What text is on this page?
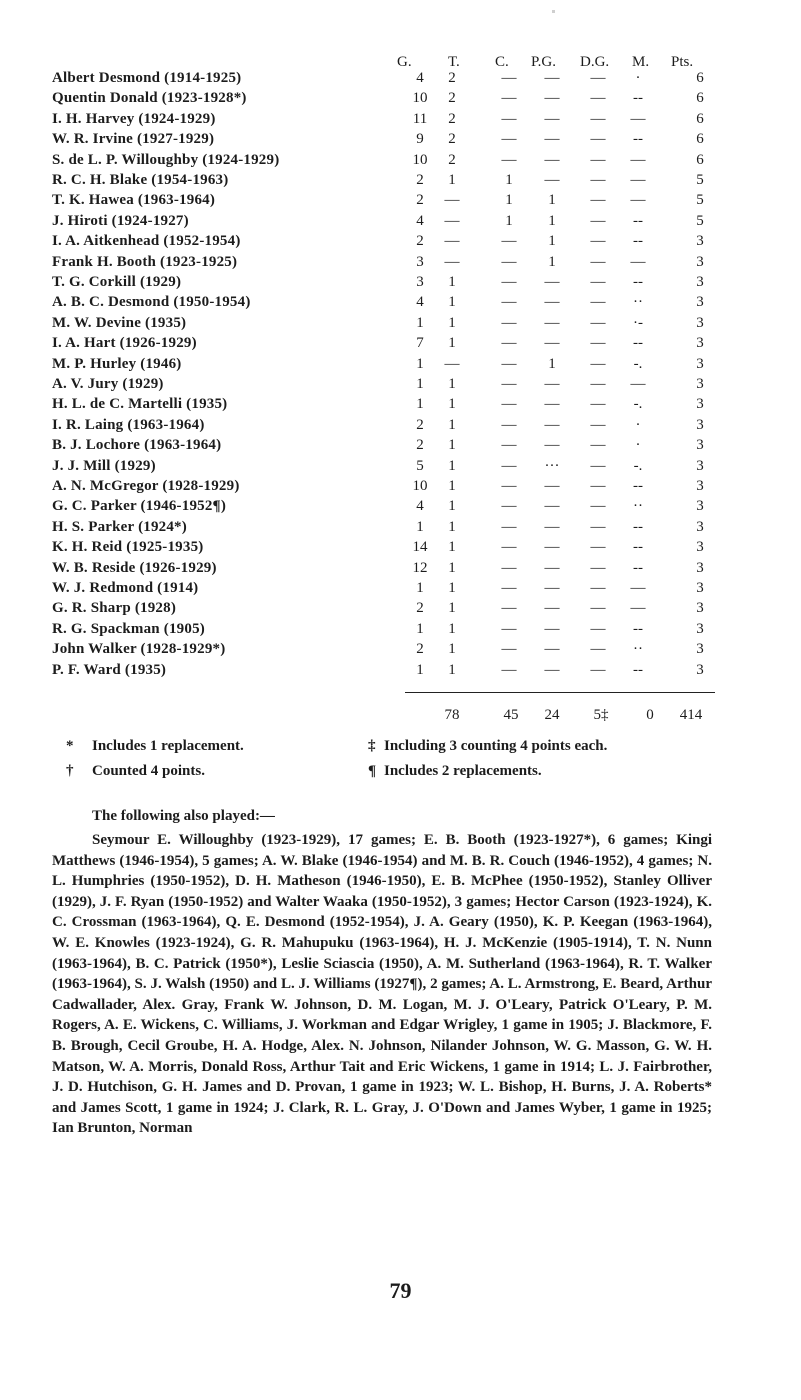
G. T. C. P.G. D.G. M. Pts.
Albert Desmond (1914-1925)	4	2	—	—	—	·	6
Quentin Donald (1923-1928*)	10	2	—	—	—	--	6
I. H. Harvey (1924-1929)	11	2	—	—	—	—	6
W. R. Irvine (1927-1929)	9	2	—	—	—	--	6
S. de L. P. Willoughby (1924-1929)	10	2	—	—	—	—	6
R. C. H. Blake (1954-1963)	2	1	1	—	—	—	5
T. K. Hawea (1963-1964)	2	—	1	1	—	—	5
J. Hiroti (1924-1927)	4	—	1	1	—	--	5
I. A. Aitkenhead (1952-1954)	2	—	—	1	—	--	3
Frank H. Booth (1923-1925)	3	—	—	1	—	—	3
T. G. Corkill (1929)	3	1	—	—	—	--	3
A. B. C. Desmond (1950-1954)	4	1	—	—	—	··	3
M. W. Devine (1935)	1	1	—	—	—	·-	3
I. A. Hart (1926-1929)	7	1	—	—	—	--	3
M. P. Hurley (1946)	1	—	—	1	—	-.	3
A. V. Jury (1929)	1	1	—	—	—	—	3
H. L. de C. Martelli (1935)	1	1	—	—	—	-.	3
I. R. Laing (1963-1964)	2	1	—	—	—	·	3
B. J. Lochore (1963-1964)	2	1	—	—	—	·	3
J. J. Mill (1929)	5	1	—	···	—	-.	3
A. N. McGregor (1928-1929)	10	1	—	—	—	--	3
G. C. Parker (1946-1952¶)	4	1	—	—	—	··	3
H. S. Parker (1924*)	1	1	—	—	—	--	3
K. H. Reid (1925-1935)	14	1	—	—	—	--	3
W. B. Reside (1926-1929)	12	1	—	—	—	--	3
W. J. Redmond (1914)	1	1	—	—	—	—	3
G. R. Sharp (1928)	2	1	—	—	—	—	3
R. G. Spackman (1905)	1	1	—	—	—	--	3
John Walker (1928-1929*)	2	1	—	—	—	··	3
P. F. Ward (1935)	1	1	—	—	—	--	3
78	45	24	5‡	0	414
* Includes 1 replacement.
† Counted 4 points.
‡ Including 3 counting 4 points each.
¶ Includes 2 replacements.
The following also played:—
Seymour E. Willoughby (1923-1929), 17 games; E. B. Booth (1923-1927*), 6 games; Kingi Matthews (1946-1954), 5 games; A. W. Blake (1946-1954) and M. B. R. Couch (1946-1952), 4 games; N. L. Humphries (1950-1952), D. H. Matheson (1946-1950), E. B. McPhee (1950-1952), Stanley Olliver (1929), J. F. Ryan (1950-1952) and Walter Waaka (1950-1952), 3 games; Hector Carson (1923-1924), K. C. Crossman (1963-1964), Q. E. Desmond (1952-1954), J. A. Geary (1950), K. P. Keegan (1963-1964), W. E. Knowles (1923-1924), G. R. Mahupuku (1963-1964), H. J. McKenzie (1905-1914), T. N. Nunn (1963-1964), B. C. Patrick (1950*), Leslie Sciascia (1950), A. M. Sutherland (1963-1964), R. T. Walker (1963-1964), S. J. Walsh (1950) and L. J. Williams (1927¶), 2 games; A. L. Armstrong, E. Beard, Arthur Cadwallader, Alex. Gray, Frank W. Johnson, D. M. Logan, M. J. O'Leary, Patrick O'Leary, P. M. Rogers, A. E. Wickens, C. Williams, J. Workman and Edgar Wrigley, 1 game in 1905; J. Blackmore, F. B. Brough, Cecil Groube, H. A. Hodge, Alex. N. Johnson, Nilander Johnson, W. G. Masson, G. W. H. Matson, W. A. Morris, Donald Ross, Arthur Tait and Eric Wickens, 1 game in 1914; L. J. Fairbrother, J. D. Hutchison, G. H. James and D. Provan, 1 game in 1923; W. L. Bishop, H. Burns, J. A. Roberts* and James Scott, 1 game in 1924; J. Clark, R. L. Gray, J. O'Down and James Wyber, 1 game in 1925; Ian Brunton, Norman
79
